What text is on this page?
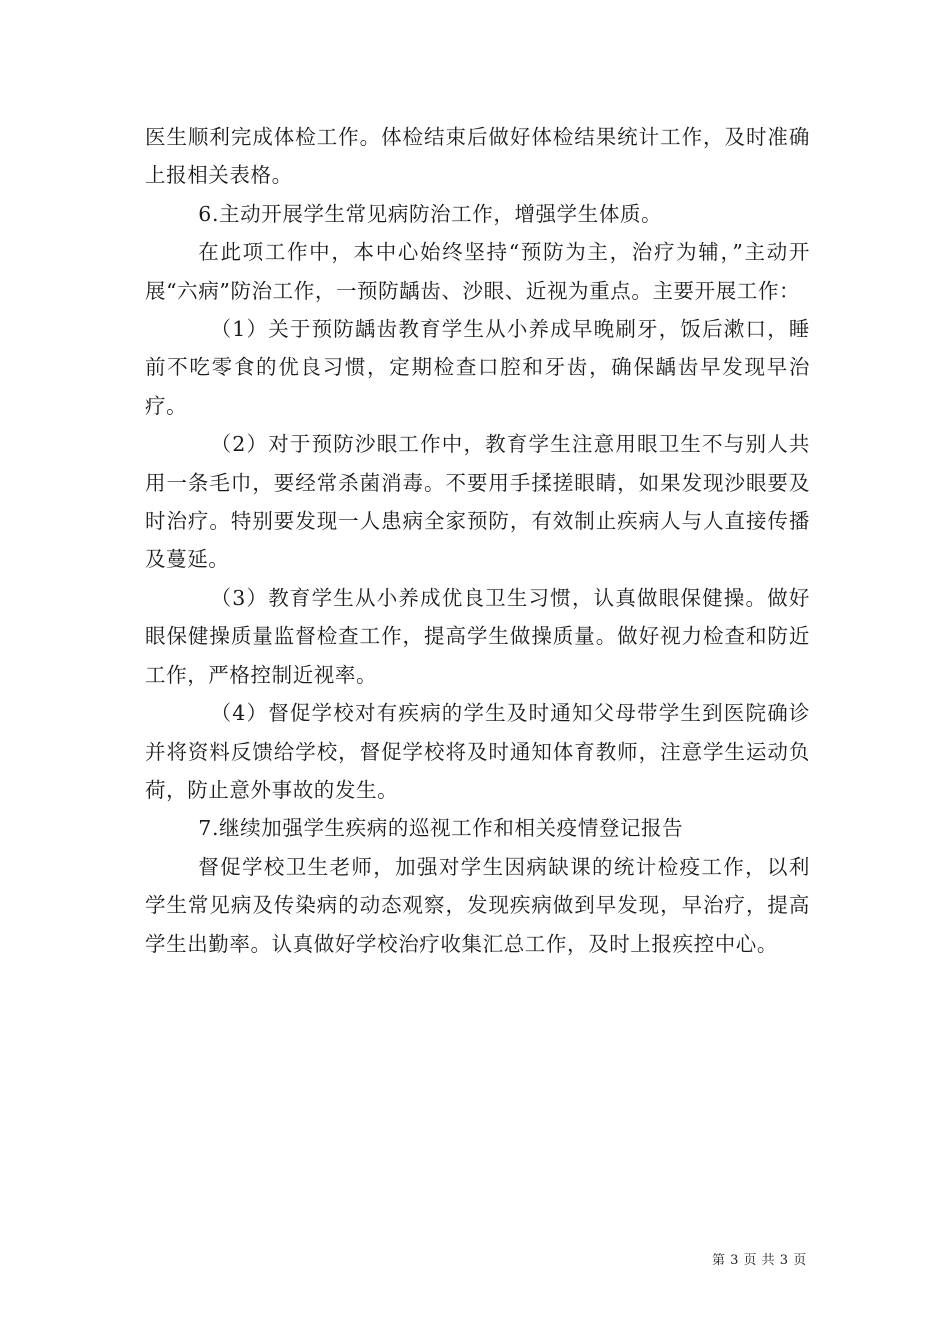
医生顺利完成体检工作。体检结束后做好体检结果统计工作，及时准确上报相关表格。

6.主动开展学生常见病防治工作，增强学生体质。

在此项工作中，本中心始终坚持“预防为主，治疗为辅，”主动开展“六病”防治工作，一预防龋齿、沙眼、近视为重点。主要开展工作：

（1）关于预防龋齿教育学生从小养成早晚刷牙，饭后漱口，睡前不吃零食的优良习惯，定期检查口腔和牙齿，确保龋齿早发现早治疗。

（2）对于预防沙眼工作中，教育学生注意用眼卫生不与别人共用一条毛巾，要经常杀菌消毒。不要用手揉搓眼睛，如果发现沙眼要及时治疗。特别要发现一人患病全家预防，有效制止疾病人与人直接传播及蔓延。

（3）教育学生从小养成优良卫生习惯，认真做眼保健操。做好眼保健操质量监督检查工作，提高学生做操质量。做好视力检查和防近工作，严格控制近视率。

（4）督促学校对有疾病的学生及时通知父母带学生到医院确诊并将资料反馈给学校，督促学校将及时通知体育教师，注意学生运动负荷，防止意外事故的发生。

7.继续加强学生疾病的巡视工作和相关疫情登记报告

督促学校卫生老师，加强对学生因病缺课的统计检疫工作，以利学生常见病及传染病的动态观察，发现疾病做到早发现，早治疗，提高学生出勤率。认真做好学校治疗收集汇总工作，及时上报疾控中心。

第 3 页 共 3 页
